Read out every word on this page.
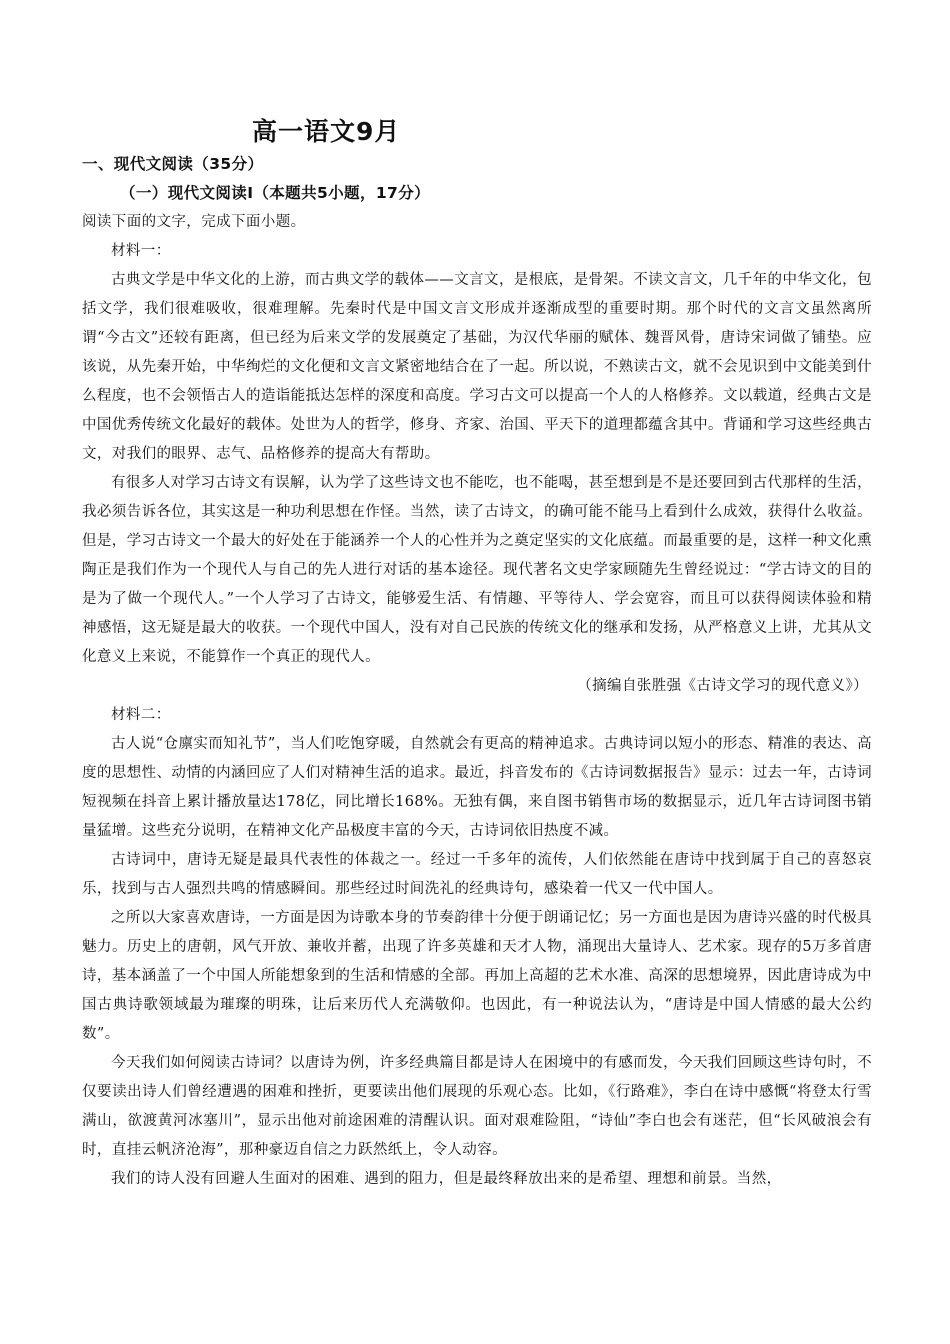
高一语文9月

一、现代文阅读（35分）

（一）现代文阅读Ⅰ（本题共5小题，17分）

阅读下面的文字，完成下面小题。

材料一：

古典文学是中华文化的上游，而古典文学的载体——文言文，是根底，是骨架。不读文言文，几千年的中华文化，包括文学，我们很难吸收，很难理解。先秦时代是中国文言文形成并逐渐成型的重要时期。那个时代的文言文虽然离所谓“今古文”还较有距离，但已经为后来文学的发展奠定了基础，为汉代华丽的赋体、魏晋风骨，唐诗宋词做了铺垫。应该说，从先秦开始，中华绚烂的文化便和文言文紧密地结合在了一起。所以说，不熟读古文，就不会见识到中文能美到什么程度，也不会领悟古人的造诣能抵达怎样的深度和高度。学习古文可以提高一个人的人格修养。文以载道，经典古文是中国优秀传统文化最好的载体。处世为人的哲学，修身、齐家、治国、平天下的道理都蕴含其中。背诵和学习这些经典古文，对我们的眼界、志气、品格修养的提高大有帮助。

有很多人对学习古诗文有误解，认为学了这些诗文也不能吃，也不能喝，甚至想到是不是还要回到古代那样的生活，我必须告诉各位，其实这是一种功利思想在作怪。当然，读了古诗文，的确可能不能马上看到什么成效，获得什么收益。但是，学习古诗文一个最大的好处在于能涵养一个人的心性并为之奠定坚实的文化底蕴。而最重要的是，这样一种文化熏陶正是我们作为一个现代人与自己的先人进行对话的基本途径。现代著名文史学家顾随先生曾经说过：“学古诗文的目的是为了做一个现代人。”一个人学习了古诗文，能够爱生活、有情趣、平等待人、学会宽容，而且可以获得阅读体验和精神感悟，这无疑是最大的收获。一个现代中国人，没有对自己民族的传统文化的继承和发扬，从严格意义上讲，尤其从文化意义上来说，不能算作一个真正的现代人。

（摘编自张胜强《古诗文学习的现代意义》）

材料二：

古人说“仓廪实而知礼节”，当人们吃饱穿暖，自然就会有更高的精神追求。古典诗词以短小的形态、精准的表达、高度的思想性、动情的内涵回应了人们对精神生活的追求。最近，抖音发布的《古诗词数据报告》显示：过去一年，古诗词短视频在抖音上累计播放量达178亿，同比增长168%。无独有偶，来自图书销售市场的数据显示，近几年古诗词图书销量猛增。这些充分说明，在精神文化产品极度丰富的今天，古诗词依旧热度不减。

古诗词中，唐诗无疑是最具代表性的体裁之一。经过一千多年的流传，人们依然能在唐诗中找到属于自己的喜怒哀乐，找到与古人强烈共鸣的情感瞬间。那些经过时间洗礼的经典诗句，感染着一代又一代中国人。

之所以大家喜欢唐诗，一方面是因为诗歌本身的节奏韵律十分便于朗诵记忆；另一方面也是因为唐诗兴盛的时代极具魅力。历史上的唐朝，风气开放、兼收并蓄，出现了许多英雄和天才人物，涌现出大量诗人、艺术家。现存的5万多首唐诗，基本涵盖了一个中国人所能想象到的生活和情感的全部。再加上高超的艺术水准、高深的思想境界，因此唐诗成为中国古典诗歌领域最为璀璨的明珠，让后来历代人充满敬仰。也因此，有一种说法认为，“唐诗是中国人情感的最大公约数”。

今天我们如何阅读古诗词？以唐诗为例，许多经典篇目都是诗人在困境中的有感而发，今天我们回顾这些诗句时，不仅要读出诗人们曾经遭遇的困难和挫折，更要读出他们展现的乐观心态。比如，《行路难》，李白在诗中感慨“将登太行雪满山，欲渡黄河冰塞川”，显示出他对前途困难的清醒认识。面对艰难险阻，“诗仙”李白也会有迷茫，但“长风破浪会有时，直挂云帆济沧海”，那种豪迈自信之力跃然纸上，令人动容。

我们的诗人没有回避人生面对的困难、遇到的阻力，但是最终释放出来的是希望、理想和前景。当然，
